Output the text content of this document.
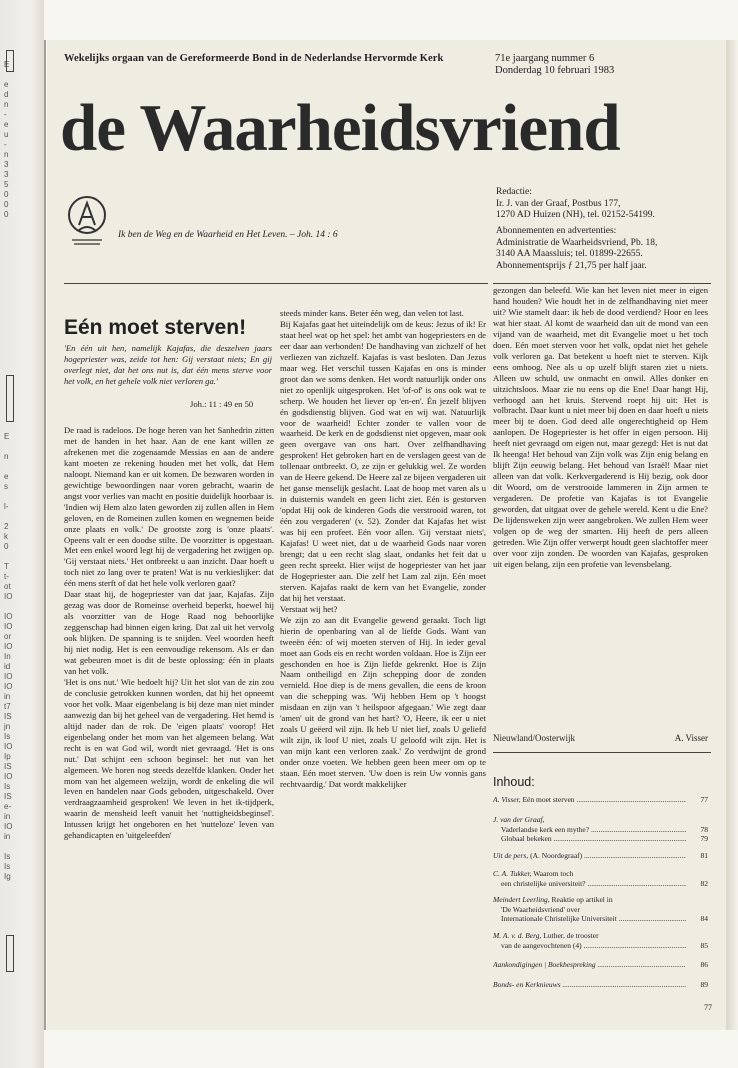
E

e
d
n
-
e
u
-
n
3
3
5
0
0
0
E

n

e
s

l-

2
k
0

T
t-
ot
IO

IO
IO
or
IO
In
id
IO
IO
in
t7
IS
jn
Is
IO
Ip
IS
IO
Is
IS
e-
in
IO
in

Is
Is
Ig

Wekelijks orgaan van de Gereformeerde Bond in de Nederlandse Hervormde Kerk	71e jaargang nummer 6
Donderdag 10 februari 1983
de Waarheidsvriend

Ik ben de Weg en de Waarheid en Het Leven. – Joh. 14 : 6

Redactie:
Ir. J. van der Graaf, Postbus 177,
1270 AD Huizen (NH), tel. 02152-54199.
Abonnementen en advertenties:
Administratie de Waarheidsvriend, Pb. 18,
3140 AA Maassluis; tel. 01899-22655.
Abonnementsprijs ƒ 21,75 per half jaar.
Eén moet sterven!

'En één uit hen, namelijk Kajafas, die deszelven jaars hogepriester was, zeide tot hen: Gij verstaat niets; En gij overlegt niet, dat het ons nut is, dat één mens sterve voor het volk, en het gehele volk niet verloren ga.'

Joh.: 11 : 49 en 50

De raad is radeloos. De hoge heren van het Sanhedrin zitten met de handen in het haar. Aan de ene kant willen ze afrekenen met die zogenaamde Messias en aan de andere kant moeten ze rekening houden met het volk, dat Hem naloopt. Niemand kan er uit komen. De bezwaren worden in gewichtige bewoordingen naar voren gebracht, waarin de angst voor verlies van macht en positie duidelijk hoorbaar is. 'Indien wij Hem alzo laten geworden zij zullen allen in Hem geloven, en de Romeinen zullen komen en wegnemen beide onze plaats en volk.' De grootste zorg is 'onze plaats'. Opeens valt er een doodse stilte. De voorzitter is opgestaan. Met een enkel woord legt hij de vergadering het zwijgen op. 'Gij verstaat niets.' Het ontbreekt u aan inzicht. Daar hoeft u toch niet zo lang over te praten! Wat is nu verkieslijker: dat één mens sterft of dat het hele volk verloren gaat?
Daar staat hij, de hogepriester van dat jaar, Kajafas. Zijn gezag was door de Romeinse overheid beperkt, hoewel hij als voorzitter van de Hoge Raad nog behoorlijke zeggenschap had binnen eigen kring. Dat zal uit het vervolg ook blijken. De spanning is te snijden. Veel woorden heeft hij niet nodig. Het is een eenvoudige rekensom. Als er dan wat gebeuren moet is dit de beste oplossing: één in plaats van het volk.
'Het is ons nut.' Wie bedoelt hij? Uit het slot van de zin zou de conclusie getrokken kunnen worden, dat hij het opneemt voor het volk. Maar eigenbelang is bij deze man niet minder aanwezig dan bij het geheel van de vergadering. Het hemd is altijd nader dan de rok. De 'eigen plaats' voorop! Het eigenbelang onder het mom van het algemeen belang. Wat recht is en wat God wil, wordt niet gevraagd. 'Het is ons nut.' Dat schijnt een schoon beginsel: het nut van het algemeen. We horen nog steeds dezelfde klanken. Onder het mom van het algemeen welzijn, wordt de enkeling die wil leven en handelen naar Gods geboden, uitgeschakeld. Over verdraagzaamheid gesproken! We leven in het ik-tijdperk, waarin de mensheid leeft vanuit het 'nuttigheidsbeginsel'. Intussen krijgt het ongeboren en het 'nutteloze' leven van gehandicapten en 'uitgeleefden'

steeds minder kans. Beter één weg, dan velen tot last.
Bij Kajafas gaat het uiteindelijk om de keus: Jezus of ik! Er staat heel wat op het spel: het ambt van hogepriesters en de eer daar aan verbonden! De handhaving van zichzelf of het verliezen van zichzelf. Kajafas is vast besloten. Dan Jezus maar weg. Het verschil tussen Kajafas en ons is minder groot dan we soms denken. Het wordt natuurlijk onder ons niet zo openlijk uitgesproken. Het 'of-of' is ons ook wat te scherp. We houden het liever op 'en-en'. Én jezelf blijven én godsdienstig blijven. God wat en wij wat. Natuurlijk voor de waarheid! Echter zonder te vallen voor de waarheid. De kerk en de godsdienst niet opgeven, maar ook geen overgave van ons hart. Over zelfhandhaving gesproken! Het gebroken hart en de verslagen geest van de tollenaar ontbreekt. O, ze zijn er gelukkig wel. Ze worden van de Heere gekend. De Heere zal ze bijeen vergaderen uit het ganse menselijk geslacht. Laat de hoop met varen als u in duisternis wandelt en geen licht ziet. Eén is gestorven 'opdat Hij ook de kinderen Gods die verstrooid waren, tot één zou vergaderen' (v. 52). Zonder dat Kajafas het wist was hij een profeet. Eén voor allen. 'Gij verstaat niets', Kajafas! U weet niet, dat u de waarheid Gods naar voren brengt; dat u een recht slag slaat, ondanks het feit dat u geen recht spreekt. Hier wijst de hogepriester van het jaar de Hogepriester aan. Die zelf het Lam zal zijn. Eén moet sterven. Kajafas raakt de kern van het Evangelie, zonder dat hij het verstaat.
Verstaat wij het?
We zijn zo aan dit Evangelie gewend geraakt. Toch ligt hierin de openbaring van al de liefde Gods. Want van tweeën één: of wij moeten sterven of Hij. In ieder geval moet aan Gods eis en recht worden voldaan. Hoe is Zijn eer geschonden en hoe is Zijn liefde gekrenkt. Hoe is Zijn Naam ontheiligd en Zijn schepping door de zonden vernield. Hoe diep is de mens gevallen, die eens de kroon van die schepping was. 'Wij hebben Hem op 't hoogst misdaan en zijn van 't heilspoor afgegaan.' Wie zegt daar 'amen' uit de grond van het hart? 'O, Heere, ik eer u niet zoals U geëerd wil zijn. Ik heb U niet lief, zoals U geliefd wilt zijn, ik loof U niet, zoals U geloofd wilt zijn. Het is van mijn kant een verloren zaak.' Zo verdwijnt de grond onder onze voeten. We hebben geen been meer om op te staan. Eén moet sterven. 'Uw doen is rein Uw vonnis gans rechtvaardig.' Dat wordt makkelijker

gezongen dan beleefd. Wie kan het leven niet meer in eigen hand houden? Wie houdt het in de zelfhandhaving niet meer uit? Wie stamelt daar: ik heb de dood verdiend? Hoor en lees wat hier staat. Al komt de waarheid dan uit de mond van een vijand van de waarheid, met dit Evangelie moet u het toch doen. Eén moet sterven voor het volk, opdat niet het gehele volk verloren ga. Dat betekent u hoeft niet te sterven. Kijk eens omhoog. Nee als u op uzelf blijft staren ziet u niets. Alleen uw schuld, uw onmacht en onwil. Alles donker en uitzichtsloos. Maar zie nu eens op die Ene! Daar hangt Hij, verhoogd aan het kruis. Stervend roept hij uit: Het is volbracht. Daar kunt u niet meer bij doen en daar hoeft u niets meer bij te doen. God deed alle ongerechtigheid op Hem aanlopen. De Hogepriester is het offer in eigen persoon. Hij heeft niet gevraagd om eigen nut, maar gezegd: Het is nut dat Ik heenga! Het behoud van Zijn volk was Zijn enig belang en blijft Zijn eeuwig belang. Het behoud van Israël! Maar niet alleen van dat volk. Kerkvergaderend is Hij bezig, ook door dit Woord, om de verstrooide lammeren in Zijn armen te vergaderen. De profetie van Kajafas is tot Evangelie geworden, dat uitgaat over de gehele wereld. Kent u die Ene? De lijdensweken zijn weer aangebroken. We zullen Hem weer volgen op de weg der smarten. Hij heeft de pers alleen getreden. Wie Zijn offer verwerpt houdt geen slachtoffer meer over voor zijn zonden. De woorden van Kajafas, gesproken uit eigen belang, zijn een profetie van levensbelang.

Nieuwland/Oosterwijk	A. Visser
Inhoud:
A. Visser,
Eén moet sterven .....	77
J. van der Graaf,
Vaderlandse kerk een mythe? .....	78
Globaal bekeken .....	79
Uit de pers,
(A. Noordegraaf) .....	81
C. A. Tukker,
Waarom toch
een christelijke universiteit? .....	82
Meindert Leerling,
Reaktie op artikel in
'De Waarheidsvriend' over
Internationale Christelijke Universiteit .....	84
M. A. v. d. Berg,
Luther, de trooster
van de aangevochtenen (4) .....	85
Aankondigingen | Boekbespreking .....	86
Bonds- en Kerknieuws .....	89
77
